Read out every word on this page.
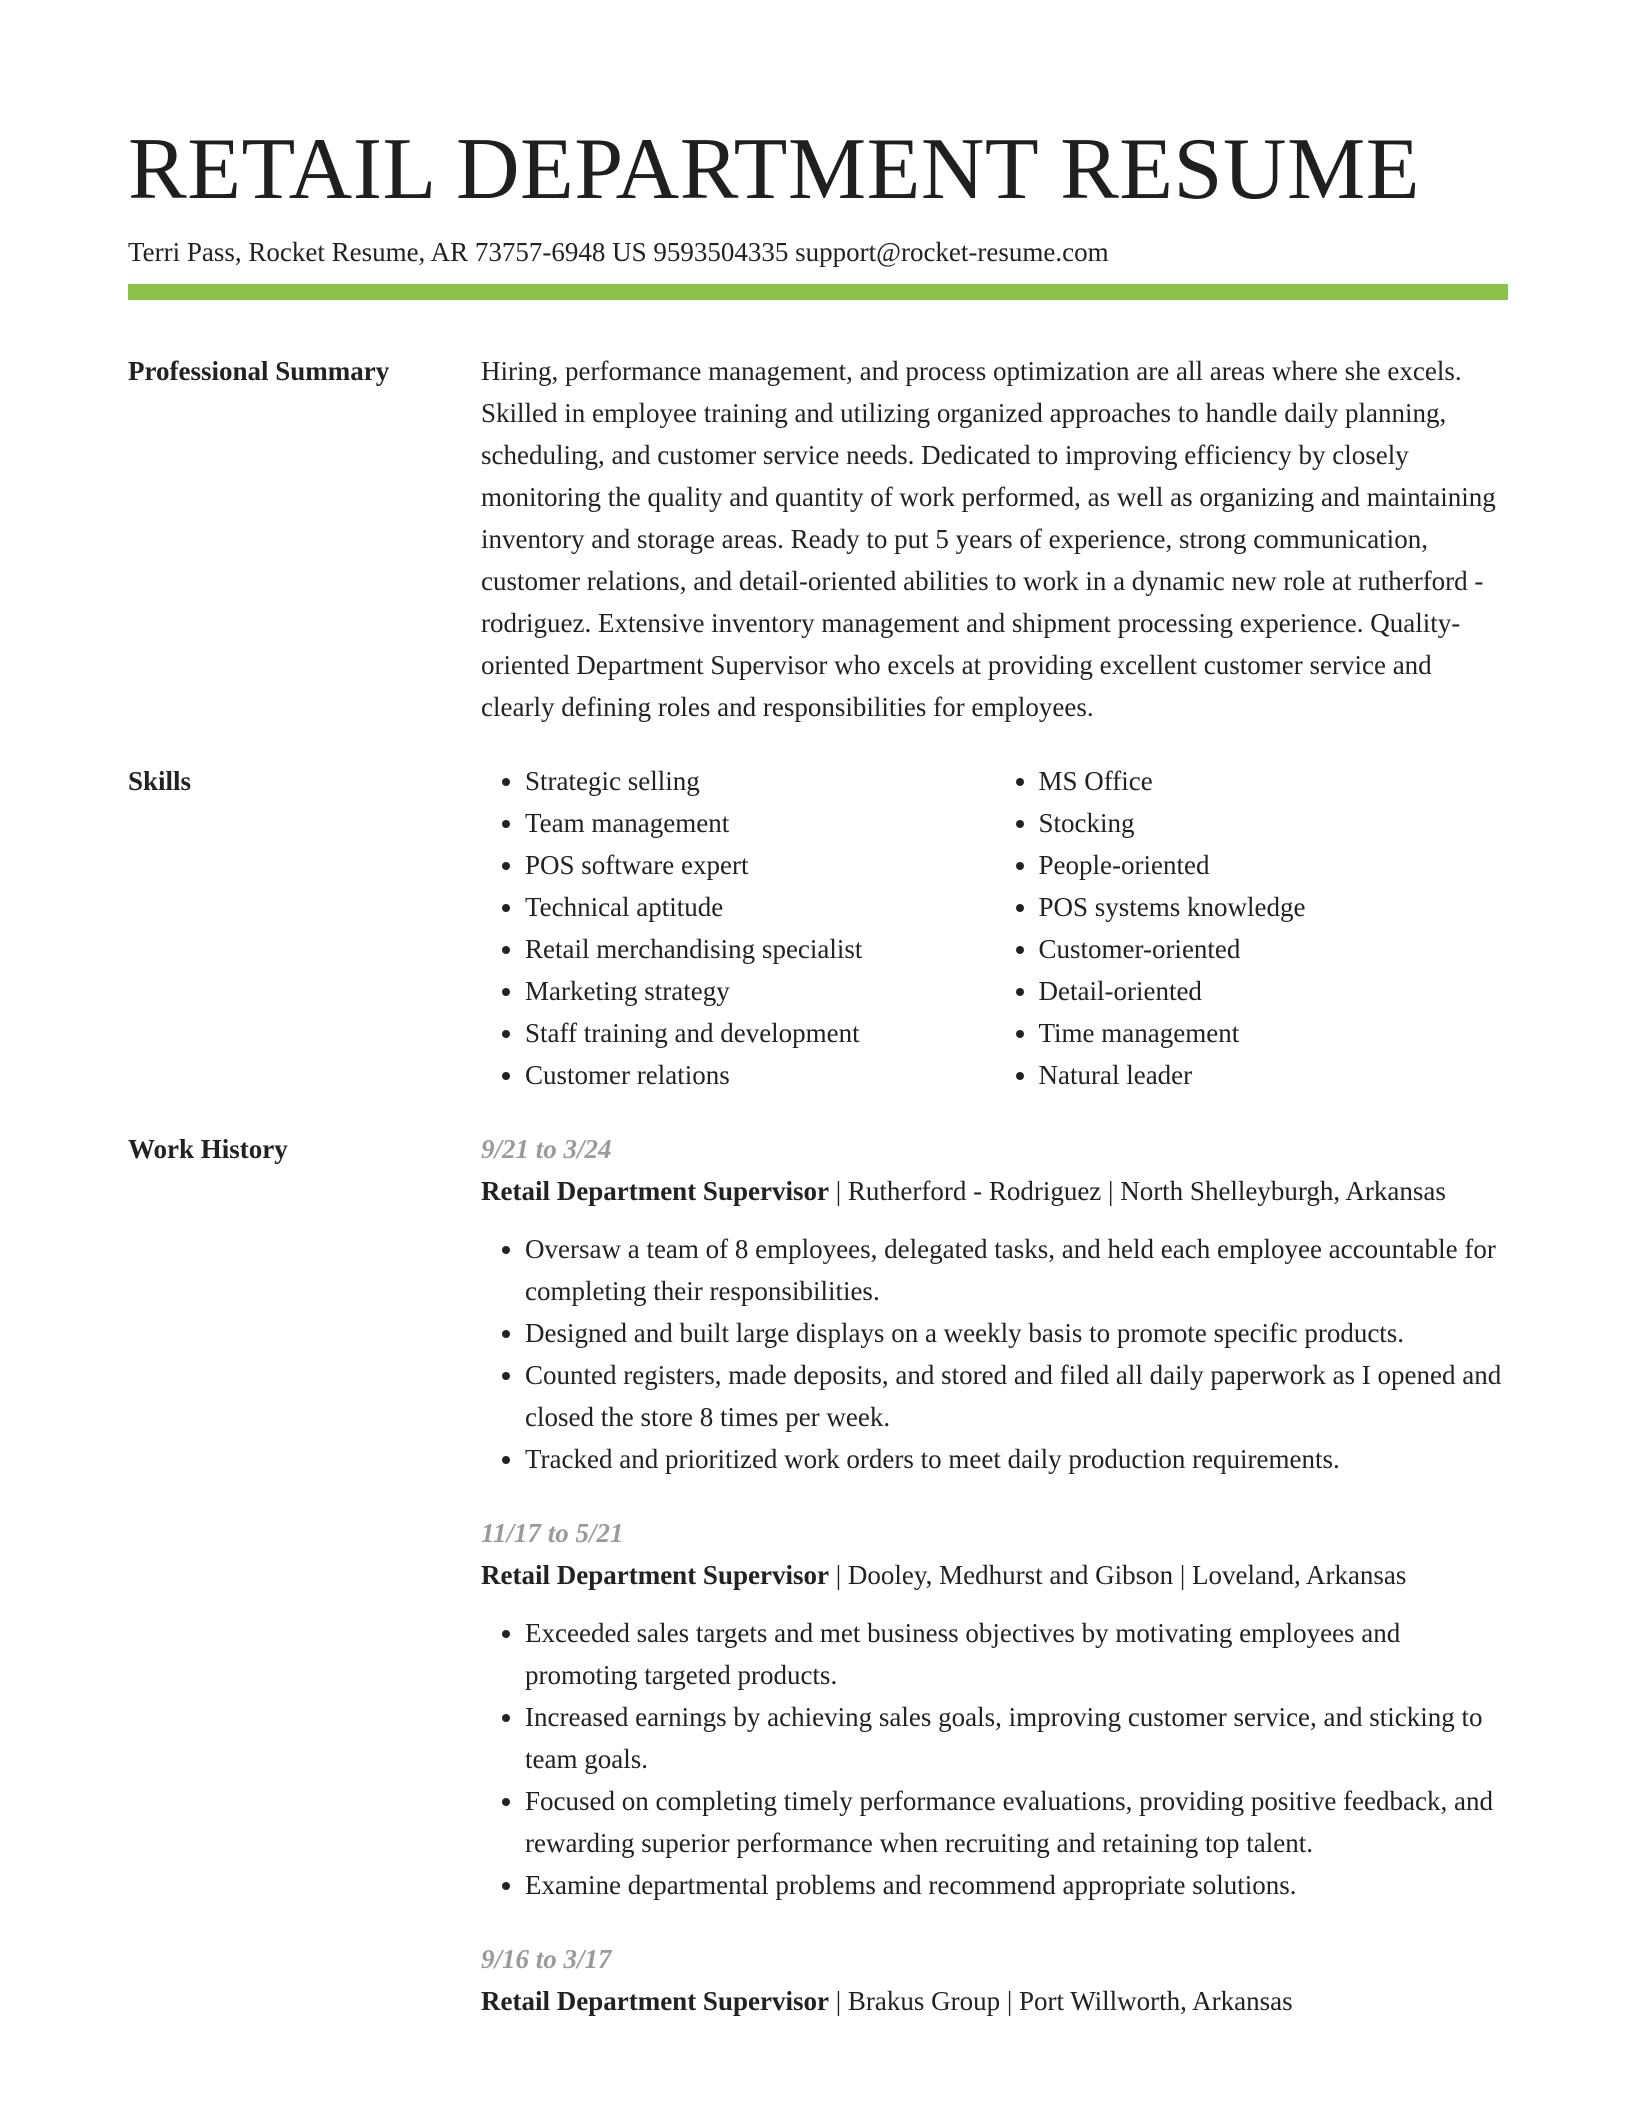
RETAIL DEPARTMENT RESUME
Terri Pass, Rocket Resume, AR 73757-6948 US 9593504335 support@rocket-resume.com
Professional Summary	Hiring, performance management, and process optimization are all areas where she excels. Skilled in employee training and utilizing organized approaches to handle daily planning, scheduling, and customer service needs. Dedicated to improving efficiency by closely monitoring the quality and quantity of work performed, as well as organizing and maintaining inventory and storage areas. Ready to put 5 years of experience, strong communication, customer relations, and detail-oriented abilities to work in a dynamic new role at rutherford - rodriguez. Extensive inventory management and shipment processing experience. Quality-oriented Department Supervisor who excels at providing excellent customer service and clearly defining roles and responsibilities for employees.
Skills
•	Strategic selling
• Team management
• POS software expert
• Technical aptitude
• Retail merchandising specialist
• Marketing strategy
• Staff training and development
• Customer relations
• MS Office
• Stocking
• People-oriented
• POS systems knowledge
• Customer-oriented
• Detail-oriented
• Time management
• Natural leader
Work History	9/21 to 3/24
Retail Department Supervisor | Rutherford - Rodriguez | North Shelleyburgh, Arkansas
• Oversaw a team of 8 employees, delegated tasks, and held each employee accountable for completing their responsibilities.
• Designed and built large displays on a weekly basis to promote specific products.
• Counted registers, made deposits, and stored and filed all daily paperwork as I opened and closed the store 8 times per week.
• Tracked and prioritized work orders to meet daily production requirements.
11/17 to 5/21
Retail Department Supervisor | Dooley, Medhurst and Gibson | Loveland, Arkansas
• Exceeded sales targets and met business objectives by motivating employees and promoting targeted products.
• Increased earnings by achieving sales goals, improving customer service, and sticking to team goals.
• Focused on completing timely performance evaluations, providing positive feedback, and rewarding superior performance when recruiting and retaining top talent.
• Examine departmental problems and recommend appropriate solutions.
9/16 to 3/17
Retail Department Supervisor | Brakus Group | Port Willworth, Arkansas
